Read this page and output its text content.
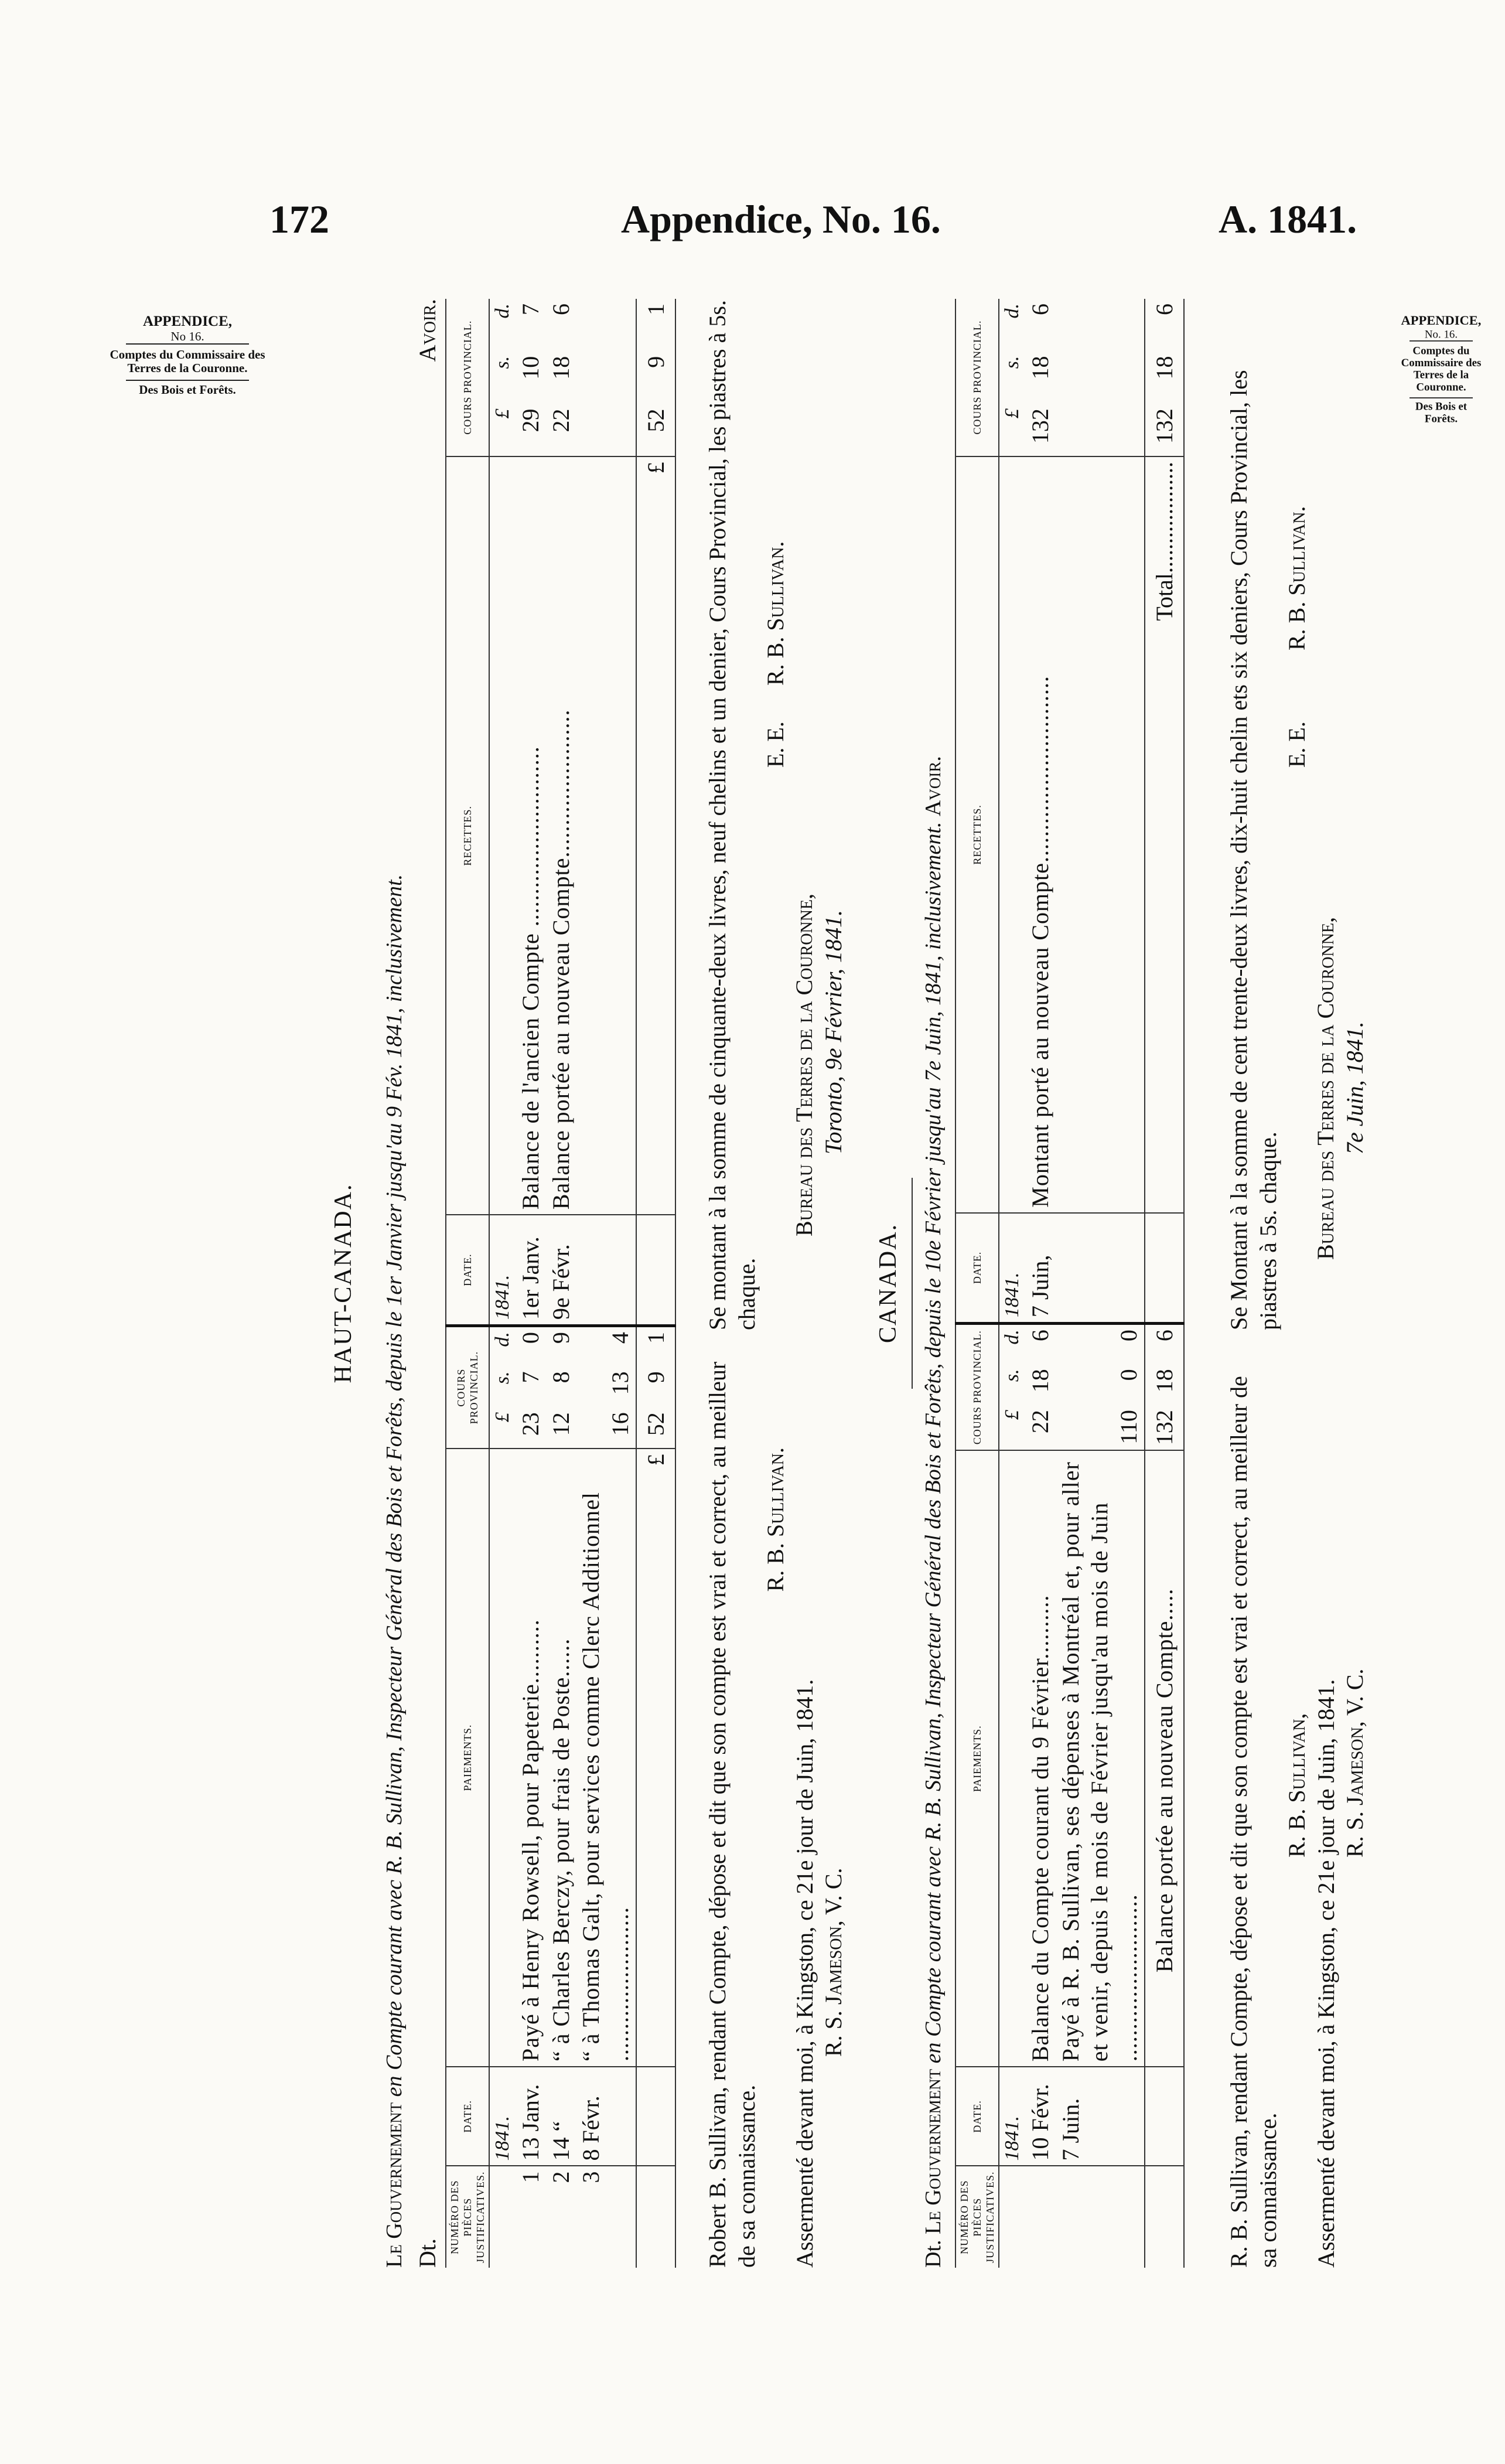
172	Appendice, No. 16.	A. 1841.
APPENDICE,
No 16.
Comptes du Commissaire des Terres de la Couronne.
Des Bois et Forêts.
APPENDICE,
No. 16.
Comptes du Commissaire des Terres de la Couronne.
Des Bois et Forêts.
HAUT-CANADA.
Le Gouvernement en Compte courant avec R. B. Sullivan, Inspecteur Général des Bois et Forêts, depuis le 1er Janvier jusqu'au 9 Fév. 1841, inclusivement.
Dt.
Avoir.
NUMÉRO DES PIÈCES JUSTIFICATIVES.	DATE.	PAIEMENTS.	COURS PROVINCIAL.			DATE.	RECETTES.	COURS PROVINCIAL.		
	1841.		£	s.	d.	1841.		£	s.	d.
1	13 Janv.	Payé à Henry Rowsell, pour Papeterie..........	23	7	0	1er Janv.	Balance de l'ancien Compte ............................	29	10	7
2	14 “	“ à Charles Berczy, pour frais de Poste......	12	8	9	9e Févr.	Balance portée au nouveau Compte.......................	22	18	6
3	8 Févr.	“ à Thomas Galt, pour services comme Clerc Additionnel ........................	16	13	4					
		£	52	9	1		£	52	9	1
Robert B. Sullivan, rendant Compte, dépose et dit que son compte est vrai et correct, au meilleur de sa connaissance.
R. B. Sullivan.
Assermenté devant moi, à Kingston, ce 21e jour de Juin, 1841. R. S. Jameson, V. C.
Se montant à la somme de cinquante-deux livres, neuf chelins et un denier, Cours Provincial, les piastres à 5s. chaque.
E. E.
R. B. Sullivan.
Bureau des Terres de la Couronne, Toronto, 9e Février, 1841.
CANADA.
Dt. Le Gouvernement en Compte courant avec R. B. Sullivan, Inspecteur Général des Bois et Forêts, depuis le 10e Février jusqu'au 7e Juin, 1841, inclusivement. Avoir.
NUMÉRO DES PIÈCES JUSTIFICATIVES.	DATE.	PAIEMENTS.	COURS PROVINCIAL.			DATE.	RECETTES.	COURS PROVINCIAL.		
	1841.		£	s.	d.	1841.		£	s.	d.
	10 Févr.	Balance du Compte courant du 9 Février..........	22	18	6	7 Juin,	Montant porté au nouveau Compte.............................	132	18	6
	7 Juin.	Payé à R. B. Sullivan, ses dépenses à Montréal et, pour aller et venir, depuis le mois de Février jusqu'au mois de Juin ..........................	110	0	0					
		Balance portée au nouveau Compte.....	132	18	6		Total...................	132	18	6
R. B. Sullivan, rendant Compte, dépose et dit que son compte est vrai et correct, au meilleur de sa connaissance.
R. B. Sullivan, Assermenté devant moi, à Kingston, ce 21e jour de Juin, 1841. R. S. Jameson, V. C.
Se Montant à la somme de cent trente-deux livres, dix-huit chelin ets six deniers, Cours Provincial, les piastres à 5s. chaque.
E. E.
R. B. Sullivan.
Bureau des Terres de la Couronne, 7e Juin, 1841.
